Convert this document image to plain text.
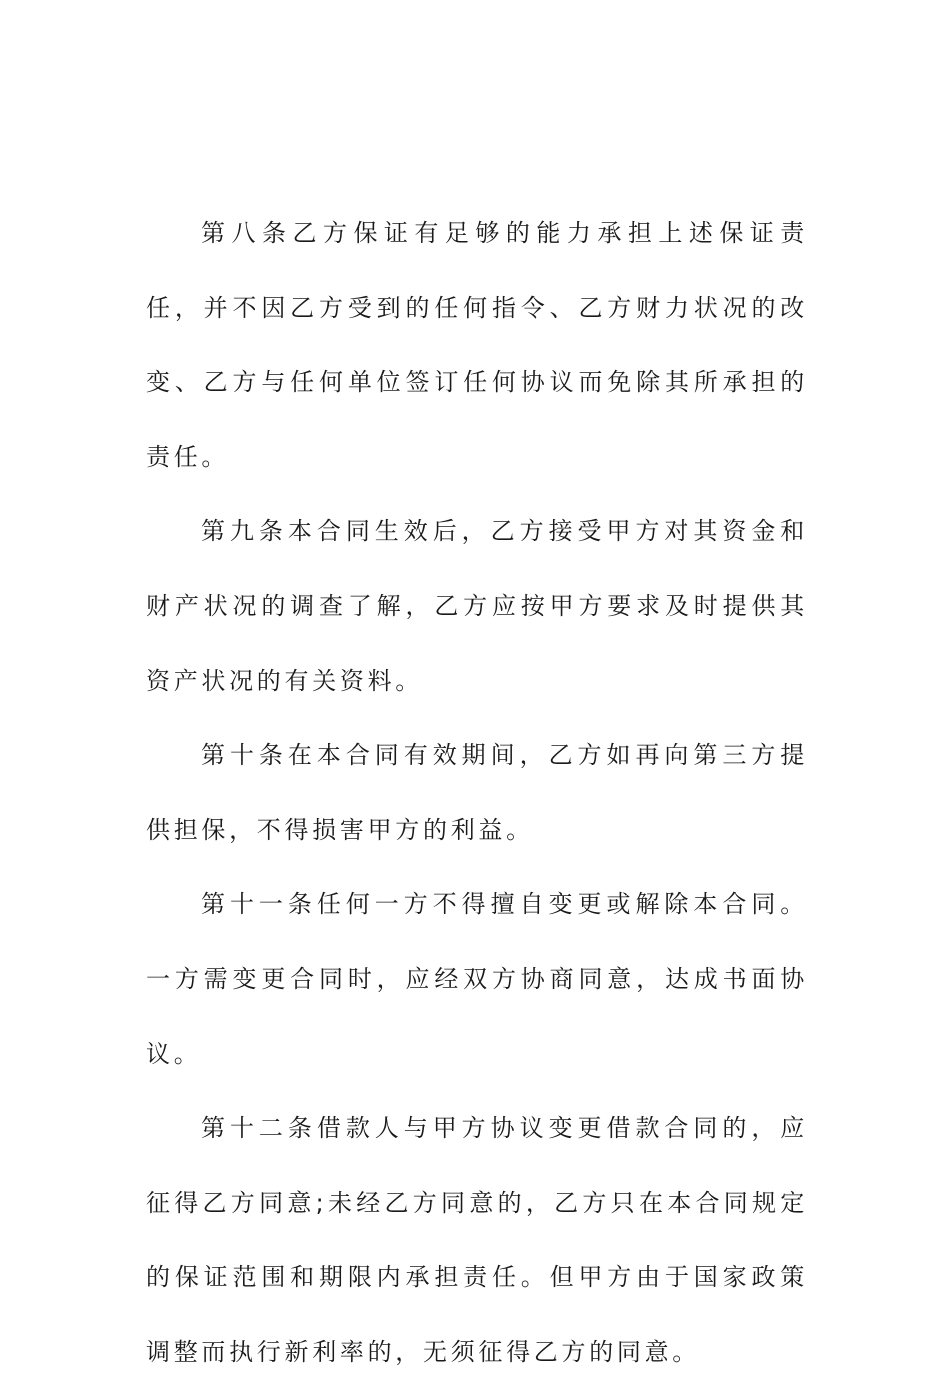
第八条乙方保证有足够的能力承担上述保证责任，并不因乙方受到的任何指令、乙方财力状况的改变、乙方与任何单位签订任何协议而免除其所承担的责任。

第九条本合同生效后，乙方接受甲方对其资金和财产状况的调查了解，乙方应按甲方要求及时提供其资产状况的有关资料。

第十条在本合同有效期间，乙方如再向第三方提供担保，不得损害甲方的利益。

第十一条任何一方不得擅自变更或解除本合同。一方需变更合同时，应经双方协商同意，达成书面协议。

第十二条借款人与甲方协议变更借款合同的，应征得乙方同意;未经乙方同意的，乙方只在本合同规定的保证范围和期限内承担责任。但甲方由于国家政策调整而执行新利率的，无须征得乙方的同意。
